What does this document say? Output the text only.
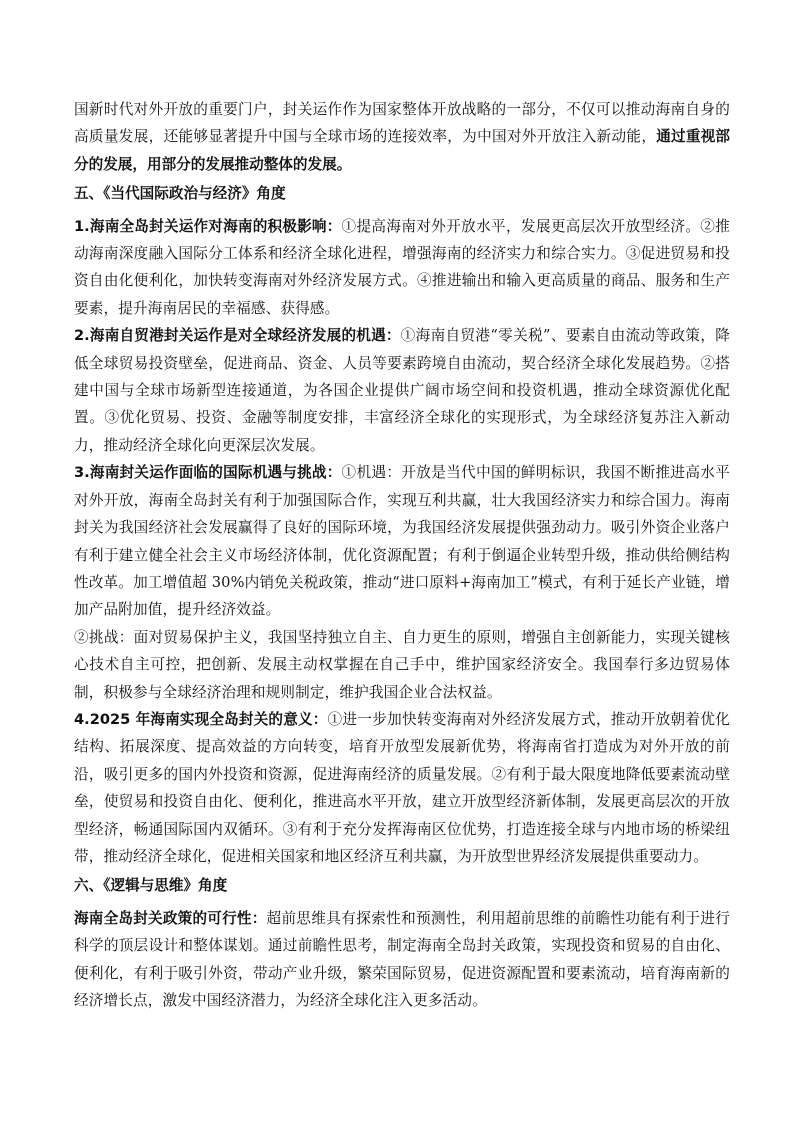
国新时代对外开放的重要门户，封关运作作为国家整体开放战略的一部分，不仅可以推动海南自身的高质量发展，还能够显著提升中国与全球市场的连接效率，为中国对外开放注入新动能，通过重视部分的发展，用部分的发展推动整体的发展。

五、《当代国际政治与经济》角度

1.海南全岛封关运作对海南的积极影响：①提高海南对外开放水平，发展更高层次开放型经济。②推动海南深度融入国际分工体系和经济全球化进程，增强海南的经济实力和综合实力。③促进贸易和投资自由化便利化，加快转变海南对外经济发展方式。④推进输出和输入更高质量的商品、服务和生产要素，提升海南居民的幸福感、获得感。

2.海南自贸港封关运作是对全球经济发展的机遇：①海南自贸港“零关税”、要素自由流动等政策，降低全球贸易投资壁垒，促进商品、资金、人员等要素跨境自由流动，契合经济全球化发展趋势。②搭建中国与全球市场新型连接通道，为各国企业提供广阔市场空间和投资机遇，推动全球资源优化配置。③优化贸易、投资、金融等制度安排，丰富经济全球化的实现形式，为全球经济复苏注入新动力，推动经济全球化向更深层次发展。

3.海南封关运作面临的国际机遇与挑战：①机遇：开放是当代中国的鲜明标识，我国不断推进高水平对外开放，海南全岛封关有利于加强国际合作，实现互利共赢，壮大我国经济实力和综合国力。海南封关为我国经济社会发展赢得了良好的国际环境，为我国经济发展提供强劲动力。吸引外资企业落户有利于建立健全社会主义市场经济体制，优化资源配置；有利于倒逼企业转型升级，推动供给侧结构性改革。加工增值超 30%内销免关税政策，推动“进口原料+海南加工”模式，有利于延长产业链，增加产品附加值，提升经济效益。

②挑战：面对贸易保护主义，我国坚持独立自主、自力更生的原则，增强自主创新能力，实现关键核心技术自主可控，把创新、发展主动权掌握在自己手中，维护国家经济安全。我国奉行多边贸易体制，积极参与全球经济治理和规则制定，维护我国企业合法权益。

4.2025 年海南实现全岛封关的意义：①进一步加快转变海南对外经济发展方式，推动开放朝着优化结构、拓展深度、提高效益的方向转变，培育开放型发展新优势，将海南省打造成为对外开放的前沿，吸引更多的国内外投资和资源，促进海南经济的质量发展。②有利于最大限度地降低要素流动壁垒，使贸易和投资自由化、便利化，推进高水平开放，建立开放型经济新体制，发展更高层次的开放型经济，畅通国际国内双循环。③有利于充分发挥海南区位优势，打造连接全球与内地市场的桥梁纽带，推动经济全球化，促进相关国家和地区经济互利共赢，为开放型世界经济发展提供重要动力。

六、《逻辑与思维》角度

海南全岛封关政策的可行性：超前思维具有探索性和预测性，利用超前思维的前瞻性功能有利于进行科学的顶层设计和整体谋划。通过前瞻性思考，制定海南全岛封关政策，实现投资和贸易的自由化、便利化，有利于吸引外资，带动产业升级，繁荣国际贸易，促进资源配置和要素流动，培育海南新的经济增长点，激发中国经济潜力，为经济全球化注入更多活动。
